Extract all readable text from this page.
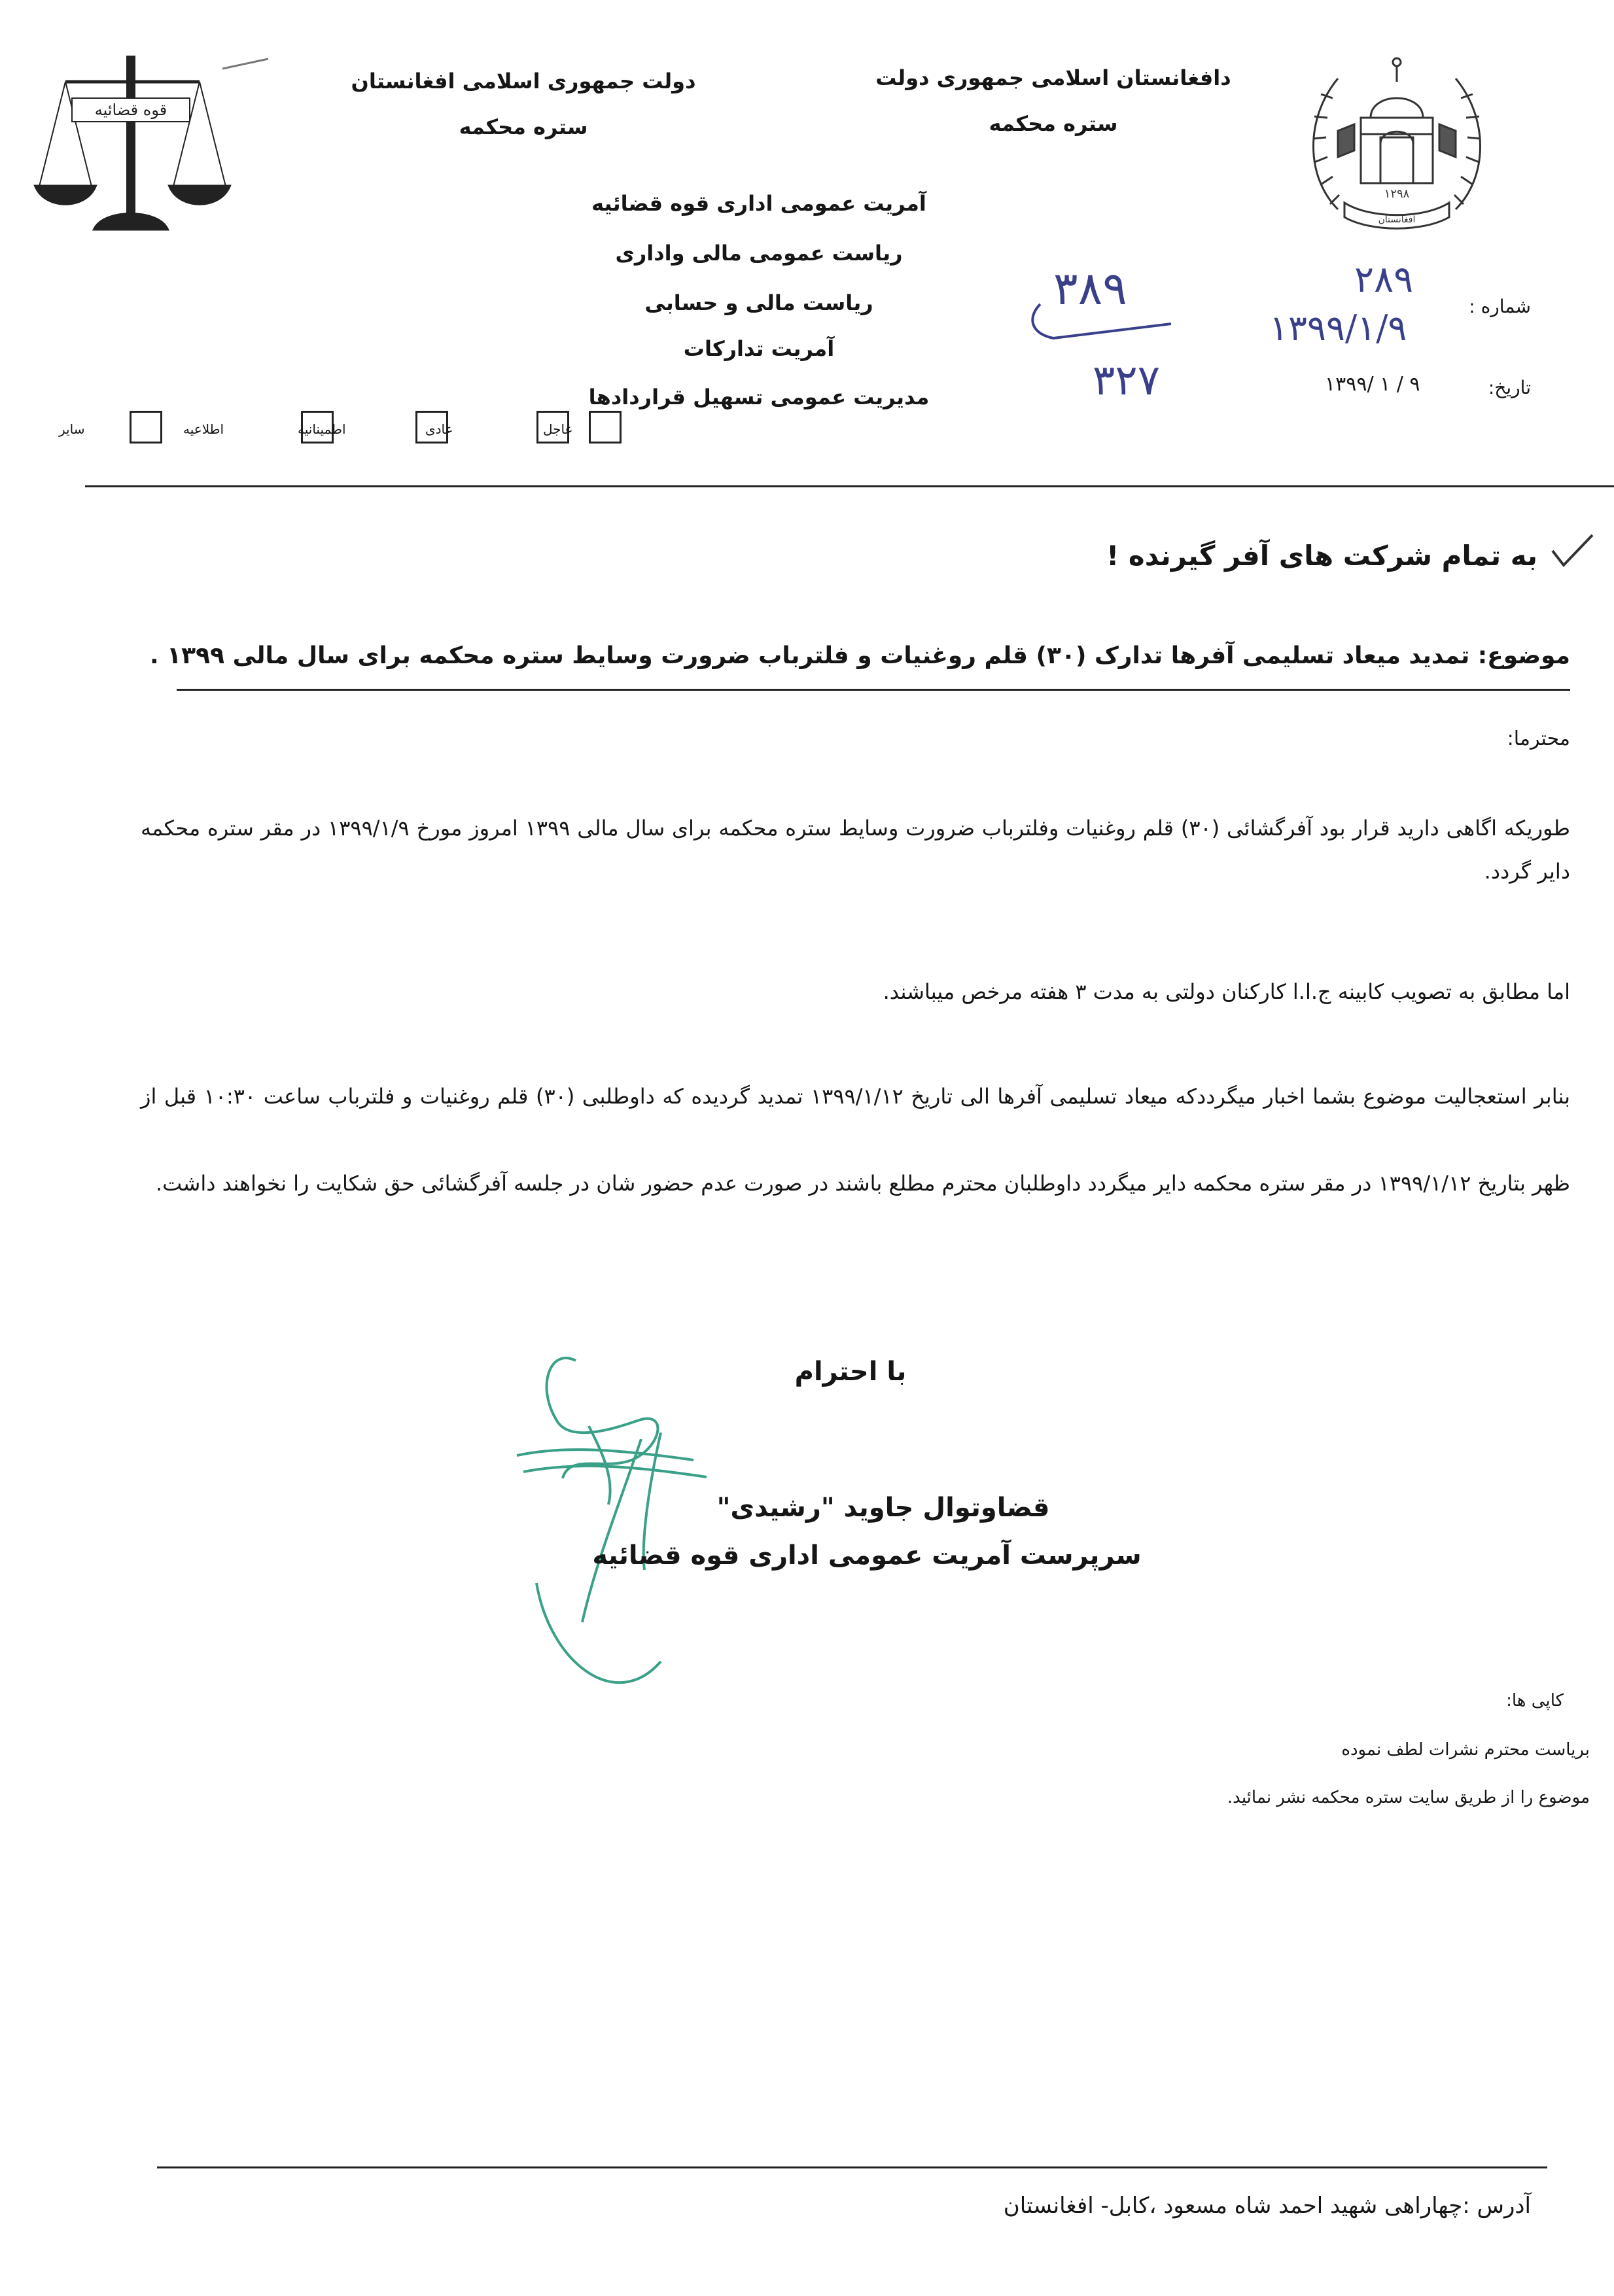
۱۲۹۸
افغانستان
قوه قضائیه
دافغانستان اسلامی جمهوری دولت
ستره محکمه
دولت جمهوری اسلامی افغانستان
ستره محکمه
آمریت عمومی اداری قوه قضائیه
ریاست عمومی مالی واداری
ریاست مالی و حسابی
آمریت تدارکات
مدیریت عمومی تسهیل قراردادها
شماره :
۲۸۹
۱۳۹۹/۱/۹
تاریخ:
۱۳۹۹/ ۱ / ۹
۳۸۹
۳۲۷
سایر	اطلاعیه	اطمینانیه	عادی	عاجل
به تمام شرکت های آفر گیرنده !
موضوع: تمدید میعاد تسلیمی آفرها تدارک (۳۰) قلم روغنیات و فلترباب ضرورت وسایط ستره محکمه برای سال مالی ۱۳۹۹ .
محترما:
طوریکه اگاهی دارید قرار بود آفرگشائی (۳۰) قلم روغنیات وفلترباب ضرورت وسایط ستره محکمه برای سال مالی ۱۳۹۹ امروز مورخ ۱۳۹۹/۱/۹ در مقر ستره محکمه دایر گردد.
اما مطابق به تصویب کابینه ج.ا.ا کارکنان دولتی به مدت ۳ هفته مرخص میباشند.
بنابر استعجالیت موضوع بشما اخبار میگرددکه میعاد تسلیمی آفرها الی تاریخ ۱۳۹۹/۱/۱۲ تمدید گردیده که داوطلبی (۳۰) قلم روغنیات و فلترباب ساعت ۱۰:۳۰ قبل از ظهر بتاریخ ۱۳۹۹/۱/۱۲ در مقر ستره محکمه دایر میگردد داوطلبان محترم مطلع باشند در صورت عدم حضور شان در جلسه آفرگشائی حق شکایت را نخواهند داشت.
با احترام
قضاوتوال جاوید "رشیدی"
سرپرست آمریت عمومی اداری قوه قضائیه
کاپی ها:
بریاست محترم نشرات لطف نموده
موضوع را از طریق سایت ستره محکمه نشر نمائید.
آدرس :چهاراهی شهید احمد شاه مسعود ،کابل- افغانستان
